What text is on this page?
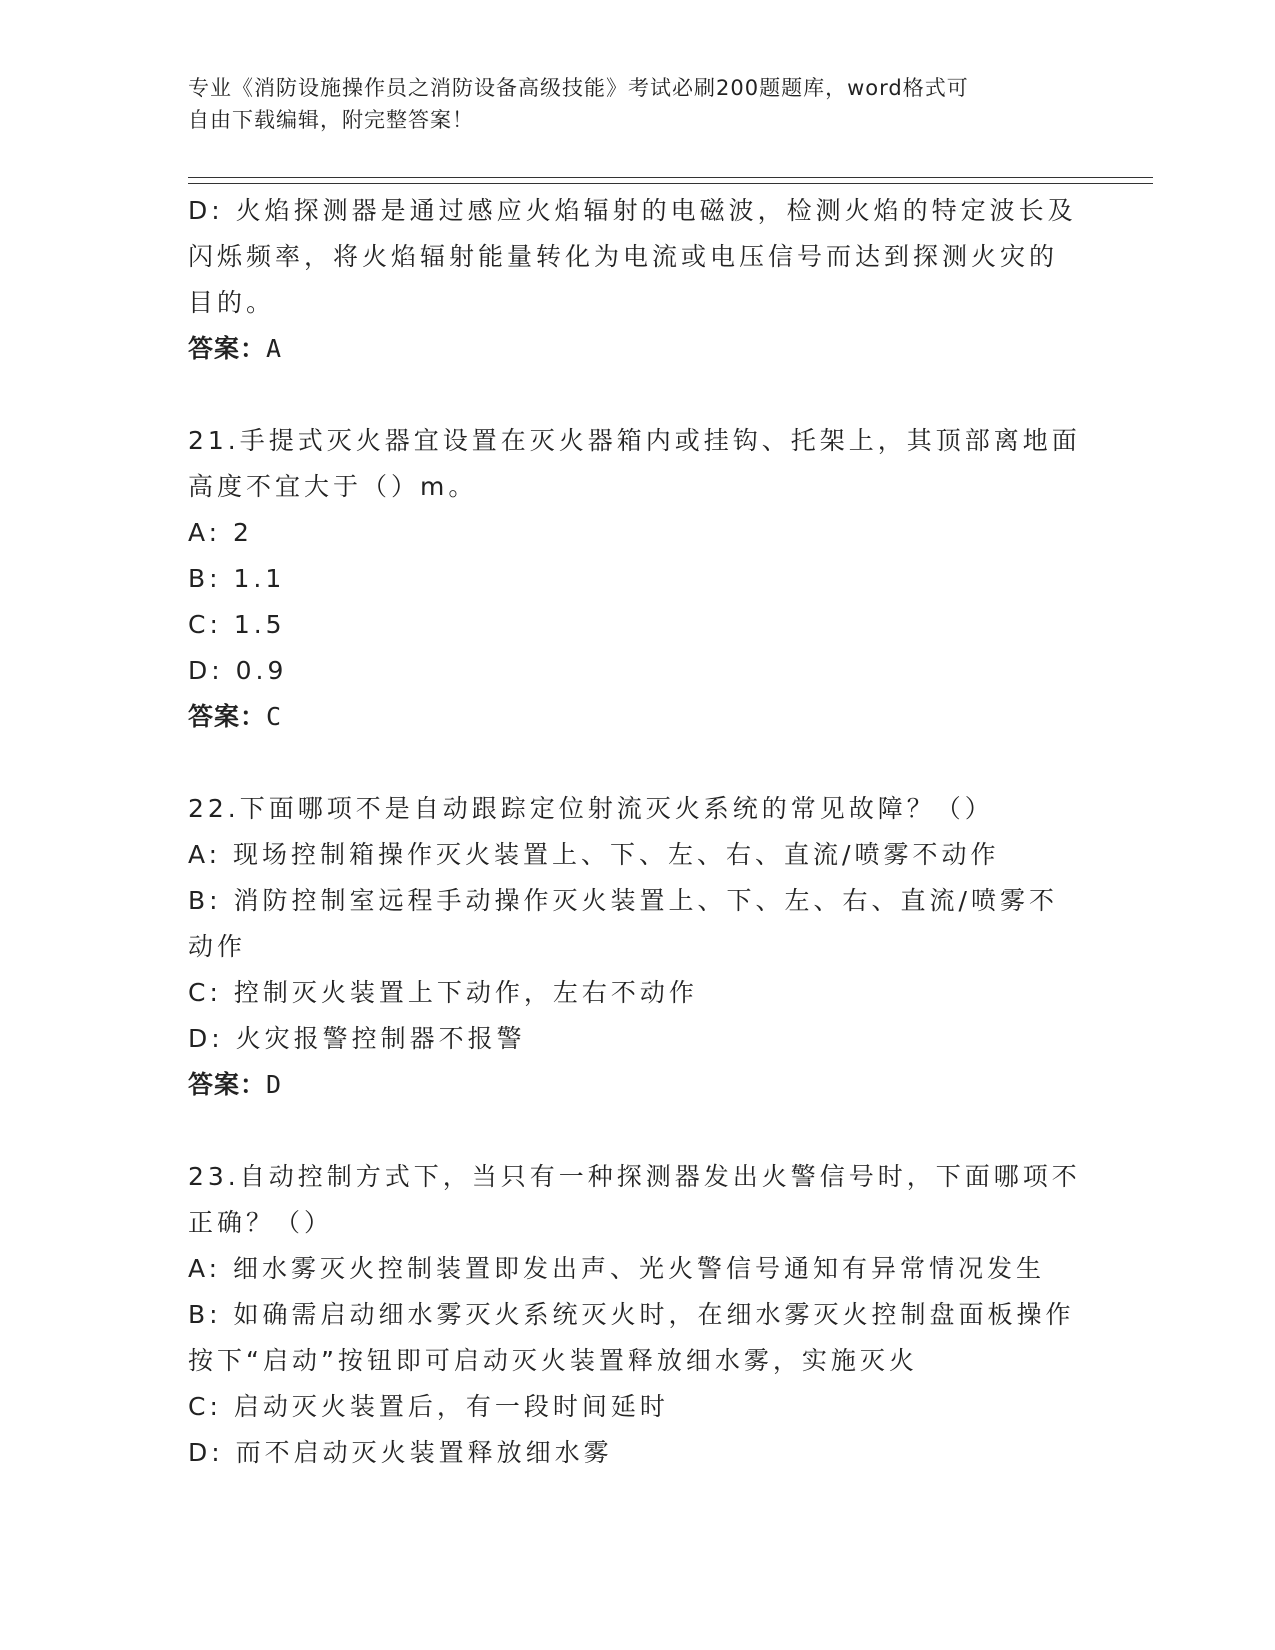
专业《消防设施操作员之消防设备高级技能》考试必刷200题题库，word格式可
自由下载编辑，附完整答案！
D: 火焰探测器是通过感应火焰辐射的电磁波，检测火焰的特定波长及
闪烁频率，将火焰辐射能量转化为电流或电压信号而达到探测火灾的
目的。
答案：A
21.手提式灭火器宜设置在灭火器箱内或挂钩、托架上，其顶部离地面
高度不宜大于（）m。
A: 2
B: 1.1
C: 1.5
D: 0.9
答案：C
22.下面哪项不是自动跟踪定位射流灭火系统的常见故障？（）
A: 现场控制箱操作灭火装置上、下、左、右、直流/喷雾不动作
B: 消防控制室远程手动操作灭火装置上、下、左、右、直流/喷雾不
动作
C: 控制灭火装置上下动作，左右不动作
D: 火灾报警控制器不报警
答案：D
23.自动控制方式下，当只有一种探测器发出火警信号时，下面哪项不
正确？（）
A: 细水雾灭火控制装置即发出声、光火警信号通知有异常情况发生
B: 如确需启动细水雾灭火系统灭火时，在细水雾灭火控制盘面板操作
按下“启动”按钮即可启动灭火装置释放细水雾，实施灭火
C: 启动灭火装置后，有一段时间延时
D: 而不启动灭火装置释放细水雾
